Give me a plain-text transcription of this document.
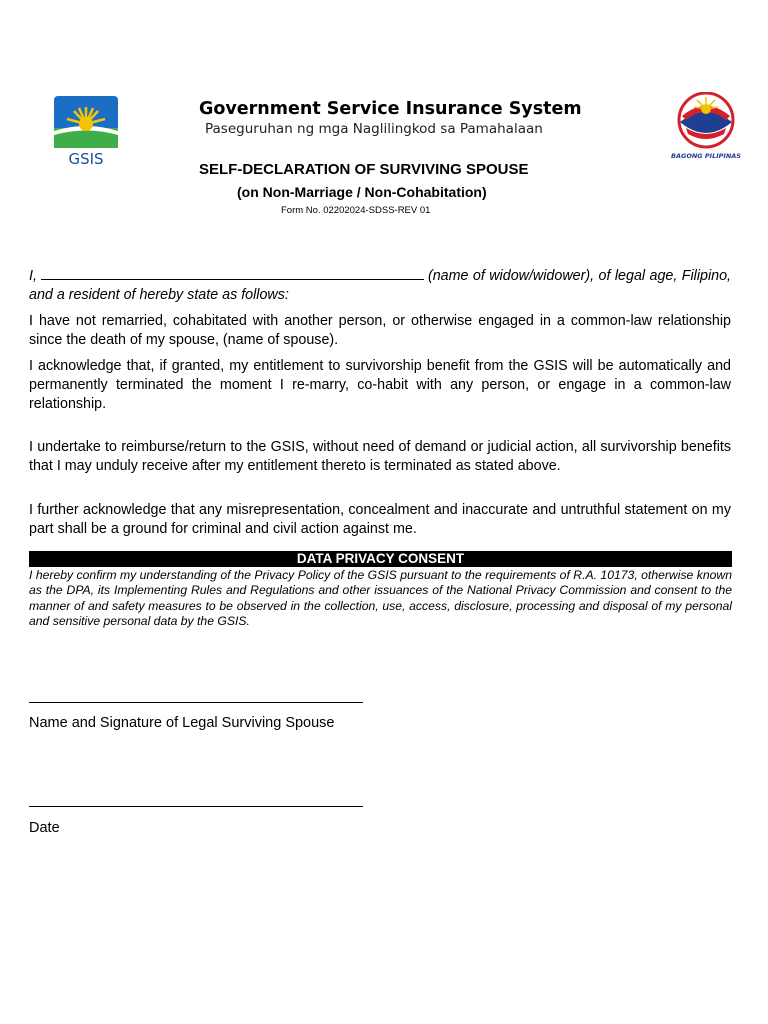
GSIS
Government Service Insurance System
Paseguruhan ng mga Naglilingkod sa Pamahalaan
BAGONG PILIPINAS
SELF-DECLARATION OF SURVIVING SPOUSE
(on Non-Marriage / Non-Cohabitation)
Form No. 02202024-SDSS-REV 01
I,	(name of widow/widower), of legal age, Filipino, and a resident of hereby state as follows:
I have not remarried, cohabitated with another person, or otherwise engaged in a common-law relationship since the death of my spouse, (name of spouse).
I acknowledge that, if granted, my entitlement to survivorship benefit from the GSIS will be automatically and permanently terminated the moment I re-marry, co-habit with any person, or engage in a common-law relationship.
I undertake to reimburse/return to the GSIS, without need of demand or judicial action, all survivorship benefits that I may unduly receive after my entitlement thereto is terminated as stated above.
I further acknowledge that any misrepresentation, concealment and inaccurate and untruthful statement on my part shall be a ground for criminal and civil action against me.
DATA PRIVACY CONSENT
I hereby confirm my understanding of the Privacy Policy of the GSIS pursuant to the requirements of R.A. 10173, otherwise known as the DPA, its Implementing Rules and Regulations and other issuances of the National Privacy Commission and consent to the manner of and safety measures to be observed in the collection, use, access, disclosure, processing and disposal of my personal and sensitive personal data by the GSIS.
Name and Signature of Legal Surviving Spouse
Date
